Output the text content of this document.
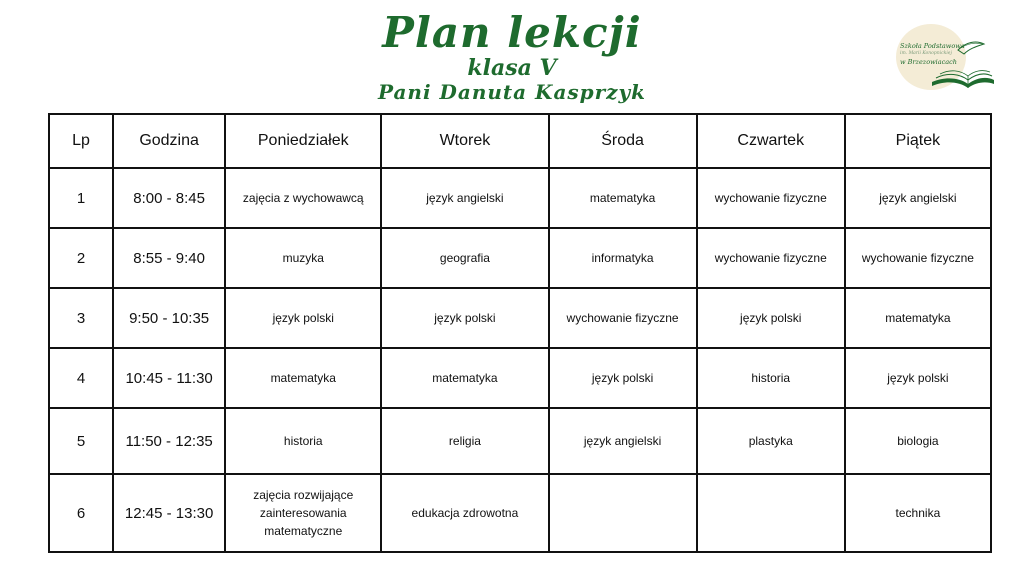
Plan lekcji
klasa V
Pani Danuta Kasprzyk
Szkoła Podstawowa
im. Marii Konopnickiej
w Brzezowiacach
Lp	Godzina	Poniedziałek	Wtorek	Środa	Czwartek	Piątek
1	8:00 - 8:45	zajęcia z wychowawcą	język angielski	matematyka	wychowanie fizyczne	język angielski
2	8:55 - 9:40	muzyka	geografia	informatyka	wychowanie fizyczne	wychowanie fizyczne
3	9:50 - 10:35	język polski	język polski	wychowanie fizyczne	język polski	matematyka
4	10:45 - 11:30	matematyka	matematyka	język polski	historia	język polski
5	11:50 - 12:35	historia	religia	język angielski	plastyka	biologia
6	12:45 - 13:30	zajęcia rozwijające zainteresowania matematyczne	edukacja zdrowotna			technika
